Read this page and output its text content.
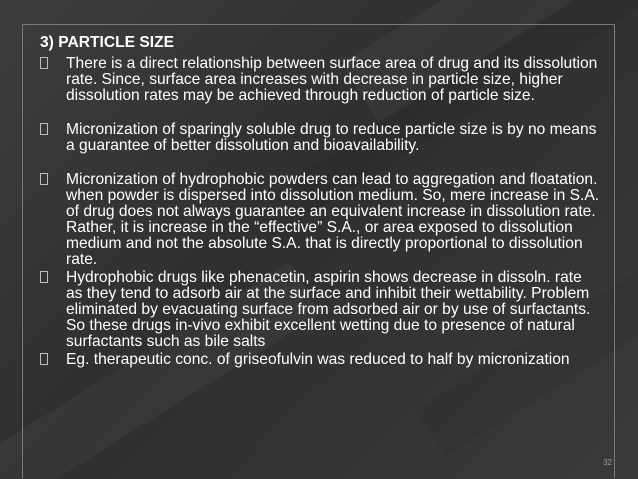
3) PARTICLE SIZE
There is a direct relationship between surface area of drug and its dissolution rate. Since, surface area increases with decrease in particle size, higher dissolution rates may be achieved through reduction of particle size.
Micronization of sparingly soluble drug to reduce particle size is by no means a guarantee of better dissolution and bioavailability.
Micronization of hydrophobic powders can lead to aggregation and floatation. when powder is dispersed into dissolution medium. So, mere increase in S.A. of drug does not always guarantee an equivalent increase in dissolution rate. Rather, it is increase in the “effective” S.A., or area exposed to dissolution medium and not the absolute S.A. that is directly proportional to dissolution rate.
Hydrophobic drugs like phenacetin, aspirin shows decrease in dissoln. rate as they tend to adsorb air at the surface and inhibit their wettability. Problem eliminated by evacuating surface from adsorbed air or by use of surfactants. So these drugs in-vivo exhibit excellent wetting due to presence of natural surfactants such as bile salts
Eg. therapeutic conc. of griseofulvin was reduced to half by micronization
32
